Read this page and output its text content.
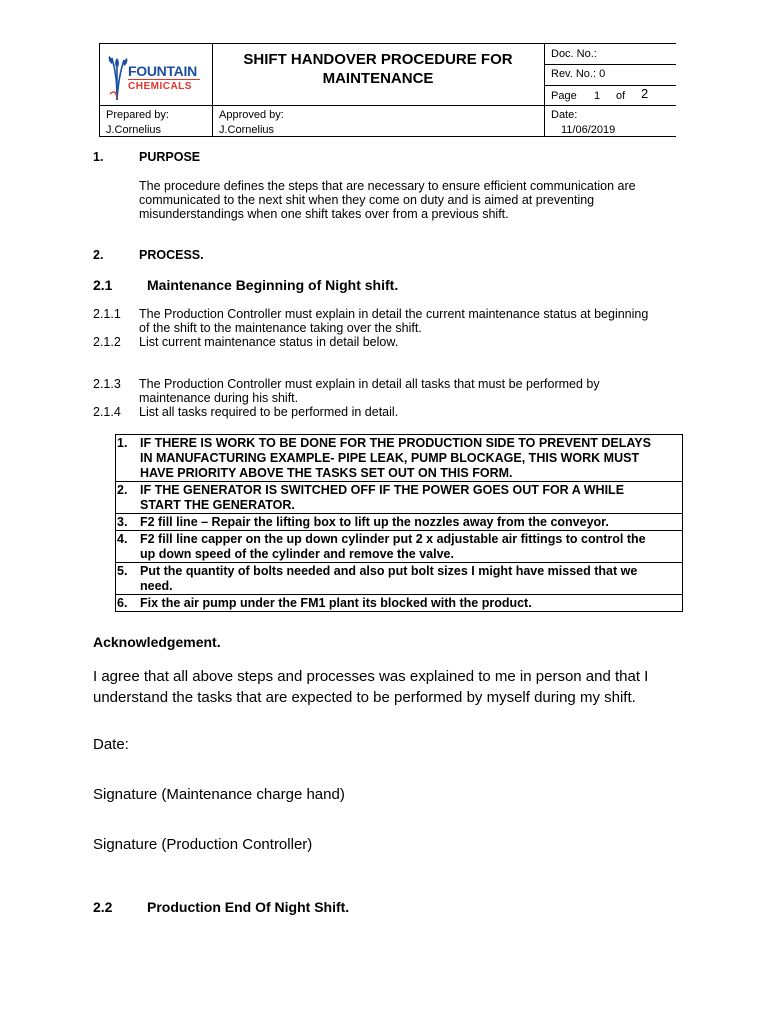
FOUNTAIN
CHEMICALS
SHIFT HANDOVER PROCEDURE FOR
MAINTENANCE
Doc. No.:
Rev. No.: 0
Page 1 of 2
Prepared by:
J.Cornelius
Approved by:
J.Cornelius
Date:
11/06/2019
1.	PURPOSE
The procedure defines the steps that are necessary to ensure efficient communication are
communicated to the next shit when they come on duty and is aimed at preventing
misunderstandings when one shift takes over from a previous shift.
2.	PROCESS.
2.1 Maintenance Beginning of Night shift.
2.1.1 The Production Controller must explain in detail the current maintenance status at beginning
of the shift to the maintenance taking over the shift.
2.1.2 List current maintenance status in detail below.
2.1.3 The Production Controller must explain in detail all tasks that must be performed by
maintenance during his shift.
2.1.4 List all tasks required to be performed in detail.
1. IF THERE IS WORK TO BE DONE FOR THE PRODUCTION SIDE TO PREVENT DELAYS
IN MANUFACTURING EXAMPLE- PIPE LEAK, PUMP BLOCKAGE, THIS WORK MUST
HAVE PRIORITY ABOVE THE TASKS SET OUT ON THIS FORM.
2. IF THE GENERATOR IS SWITCHED OFF IF THE POWER GOES OUT FOR A WHILE
START THE GENERATOR.
3. F2 fill line – Repair the lifting box to lift up the nozzles away from the conveyor.
4. F2 fill line capper on the up down cylinder put 2 x adjustable air fittings to control the
up down speed of the cylinder and remove the valve.
5. Put the quantity of bolts needed and also put bolt sizes I might have missed that we
need.
6. Fix the air pump under the FM1 plant its blocked with the product.
Acknowledgement.
I agree that all above steps and processes was explained to me in person and that I
understand the tasks that are expected to be performed by myself during my shift.
Date:
Signature (Maintenance charge hand)
Signature (Production Controller)
2.2 Production End Of Night Shift.
